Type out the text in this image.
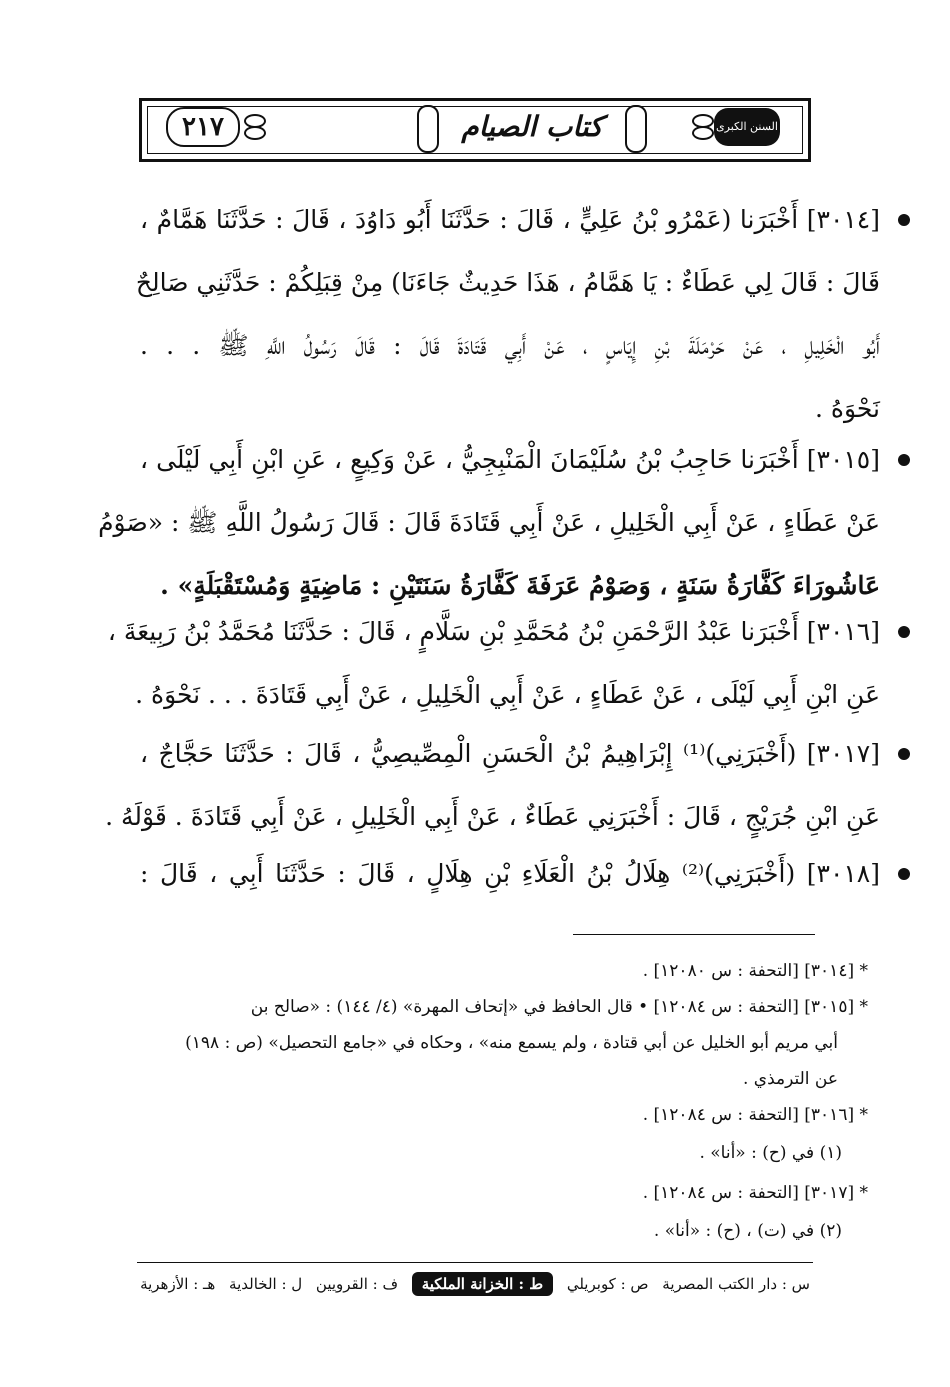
السنن الكبرى
كتاب الصيام
٢١٧
[٣٠١٤] أَخْبَرَنا (عَمْرُو بْنُ عَلِيٍّ ، قَالَ : حَدَّثَنَا أَبُو دَاوُدَ ، قَالَ : حَدَّثَنَا هَمَّامٌ ،
قَالَ : قَالَ لِي عَطَاءٌ : يَا هَمَّامُ ، هَذَا حَدِيثٌ جَاءَنَا) مِنْ قِبَلِكُمْ : حَدَّثَنِي صَالِحٌ
أَبُو الْخَلِيلِ ، عَنْ حَرْمَلَةَ بْنِ إِيَاسٍ ، عَنْ أَبِي قَتَادَةَ قَالَ : قَالَ رَسُولُ اللَّهِ ﷺ . . .
نَحْوَهُ .
[٣٠١٥] أَخْبَرَنا حَاجِبُ بْنُ سُلَيْمَانَ الْمَنْبِجِيُّ ، عَنْ وَكِيعٍ ، عَنِ ابْنِ أَبِي لَيْلَى ،
عَنْ عَطَاءٍ ، عَنْ أَبِي الْخَلِيلِ ، عَنْ أَبِي قَتَادَةَ قَالَ : قَالَ رَسُولُ اللَّهِ ﷺ : «صَوْمُ
عَاشُورَاءَ كَفَّارَةُ سَنَةٍ ، وَصَوْمُ عَرَفَةَ كَفَّارَةُ سَنَتَيْنِ : مَاضِيَةٍ وَمُسْتَقْبَلَةٍ» .
[٣٠١٦] أَخْبَرَنا عَبْدُ الرَّحْمَنِ بْنُ مُحَمَّدِ بْنِ سَلَّامٍ ، قَالَ : حَدَّثَنَا مُحَمَّدُ بْنُ رَبِيعَةَ ،
عَنِ ابْنِ أَبِي لَيْلَى ، عَنْ عَطَاءٍ ، عَنْ أَبِي الْخَلِيلِ ، عَنْ أَبِي قَتَادَةَ . . . نَحْوَهُ .
[٣٠١٧] (أَخْبَرَنِي)⁽¹⁾ إِبْرَاهِيمُ بْنُ الْحَسَنِ الْمِصِّيصِيُّ ، قَالَ : حَدَّثَنَا حَجَّاجٌ ،
عَنِ ابْنِ جُرَيْجٍ ، قَالَ : أَخْبَرَنِي عَطَاءٌ ، عَنْ أَبِي الْخَلِيلِ ، عَنْ أَبِي قَتَادَةَ . قَوْلَهُ .
[٣٠١٨] (أَخْبَرَنِي)⁽²⁾ هِلَالُ بْنُ الْعَلَاءِ بْنِ هِلَالٍ ، قَالَ : حَدَّثَنَا أَبِي ، قَالَ :
* [٣٠١٤] [التحفة : س ١٢٠٨٠] .
* [٣٠١٥] [التحفة : س ١٢٠٨٤] • قال الحافظ في «إتحاف المهرة» (٤/ ١٤٤) : «صالح بن
أبي مريم أبو الخليل عن أبي قتادة ، ولم يسمع منه» ، وحكاه في «جامع التحصيل» (ص : ١٩٨)
عن الترمذي .
* [٣٠١٦] [التحفة : س ١٢٠٨٤] .
(١) في (ح) : «أنا» .
* [٣٠١٧] [التحفة : س ١٢٠٨٤] .
(٢) في (ت) ، (ح) : «أنا» .
س : دار الكتب المصرية
ص : كوبريلي
ط : الخزانة الملكية
ف : القرويين
ل : الخالدية
هـ : الأزهرية
